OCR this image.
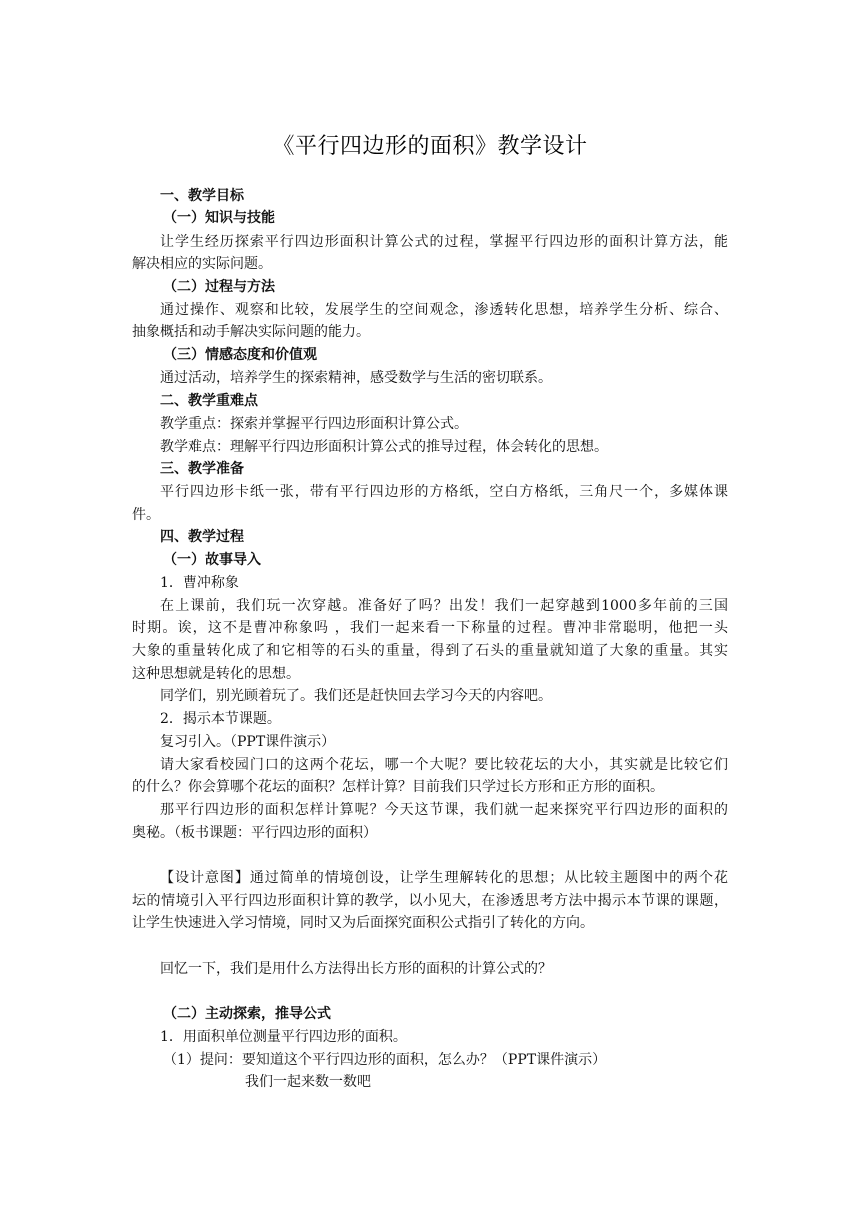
《平行四边形的面积》教学设计
一、教学目标
（一）知识与技能
让学生经历探索平行四边形面积计算公式的过程，掌握平行四边形的面积计算方法，能
解决相应的实际问题。
（二）过程与方法
通过操作、观察和比较，发展学生的空间观念，渗透转化思想，培养学生分析、综合、
抽象概括和动手解决实际问题的能力。
（三）情感态度和价值观
通过活动，培养学生的探索精神，感受数学与生活的密切联系。
二、教学重难点
教学重点：探索并掌握平行四边形面积计算公式。
教学难点：理解平行四边形面积计算公式的推导过程，体会转化的思想。
三、教学准备
平行四边形卡纸一张，带有平行四边形的方格纸，空白方格纸，三角尺一个，多媒体课
件。
四、教学过程
（一）故事导入
1．曹冲称象
在上课前，我们玩一次穿越。准备好了吗？出发！我们一起穿越到1000多年前的三国
时期。诶，这不是曹冲称象吗 ，我们一起来看一下称量的过程。曹冲非常聪明，他把一头
大象的重量转化成了和它相等的石头的重量，得到了石头的重量就知道了大象的重量。其实
这种思想就是转化的思想。
同学们，别光顾着玩了。我们还是赶快回去学习今天的内容吧。
2．揭示本节课题。
复习引入。（PPT课件演示）
请大家看校园门口的这两个花坛，哪一个大呢？要比较花坛的大小，其实就是比较它们
的什么？你会算哪个花坛的面积？怎样计算？目前我们只学过长方形和正方形的面积。
那平行四边形的面积怎样计算呢？今天这节课，我们就一起来探究平行四边形的面积的
奥秘。（板书课题：平行四边形的面积）
【设计意图】通过简单的情境创设，让学生理解转化的思想；从比较主题图中的两个花
坛的情境引入平行四边形面积计算的教学，以小见大，在渗透思考方法中揭示本节课的课题，
让学生快速进入学习情境，同时又为后面探究面积公式指引了转化的方向。
回忆一下，我们是用什么方法得出长方形的面积的计算公式的？
（二）主动探索，推导公式
1．用面积单位测量平行四边形的面积。
（1）提问：要知道这个平行四边形的面积，怎么办？（PPT课件演示）
我们一起来数一数吧
